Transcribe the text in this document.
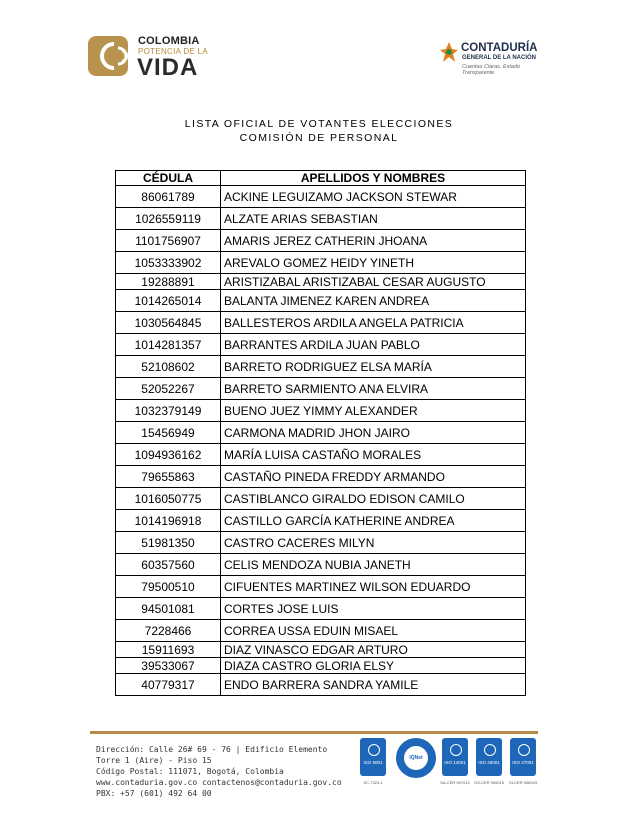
COLOMBIA
POTENCIA DE LA
VIDA
CONTADURÍA
GENERAL DE LA NACIÓN
Cuentas Claras, Estado Transparente
LISTA OFICIAL DE VOTANTES ELECCIONES
COMISIÓN DE PERSONAL
CÉDULA	APELLIDOS Y NOMBRES
86061789	ACKINE LEGUIZAMO JACKSON STEWAR
1026559119	ALZATE ARIAS SEBASTIAN
1101756907	AMARIS JEREZ CATHERIN JHOANA
1053333902	AREVALO GOMEZ HEIDY YINETH
19288891	ARISTIZABAL ARISTIZABAL CESAR AUGUSTO
1014265014	BALANTA JIMENEZ KAREN ANDREA
1030564845	BALLESTEROS ARDILA ANGELA PATRICIA
1014281357	BARRANTES ARDILA JUAN PABLO
52108602	BARRETO RODRIGUEZ ELSA MARÍA
52052267	BARRETO SARMIENTO ANA ELVIRA
1032379149	BUENO JUEZ YIMMY ALEXANDER
15456949	CARMONA MADRID JHON JAIRO
1094936162	MARÍA LUISA CASTAÑO MORALES
79655863	CASTAÑO PINEDA FREDDY ARMANDO
1016050775	CASTIBLANCO GIRALDO EDISON CAMILO
1014196918	CASTILLO GARCÍA KATHERINE ANDREA
51981350	CASTRO CACERES MILYN
60357560	CELIS MENDOZA NUBIA JANETH
79500510	CIFUENTES MARTINEZ WILSON EDUARDO
94501081	CORTES JOSE LUIS
7228466	CORREA USSA EDUIN MISAEL
15911693	DIAZ VINASCO EDGAR ARTURO
39533067	DIAZA CASTRO GLORIA ELSY
40779317	ENDO BARRERA SANDRA YAMILE
Dirección: Calle 26# 69 - 76 | Edificio Elemento
Torre 1 (Aire) - Piso 15
Código Postal: 111071, Bogotá, Colombia
www.contaduria.gov.co contactenos@contaduria.gov.co
PBX: +57 (601) 492 64 00
ISO 9001
SC-7323-1
IQNet
ISO 14001
SA-CER 907012
ISO 45001
OS-CER 906015
ISO 27001
SI-CER 906043
